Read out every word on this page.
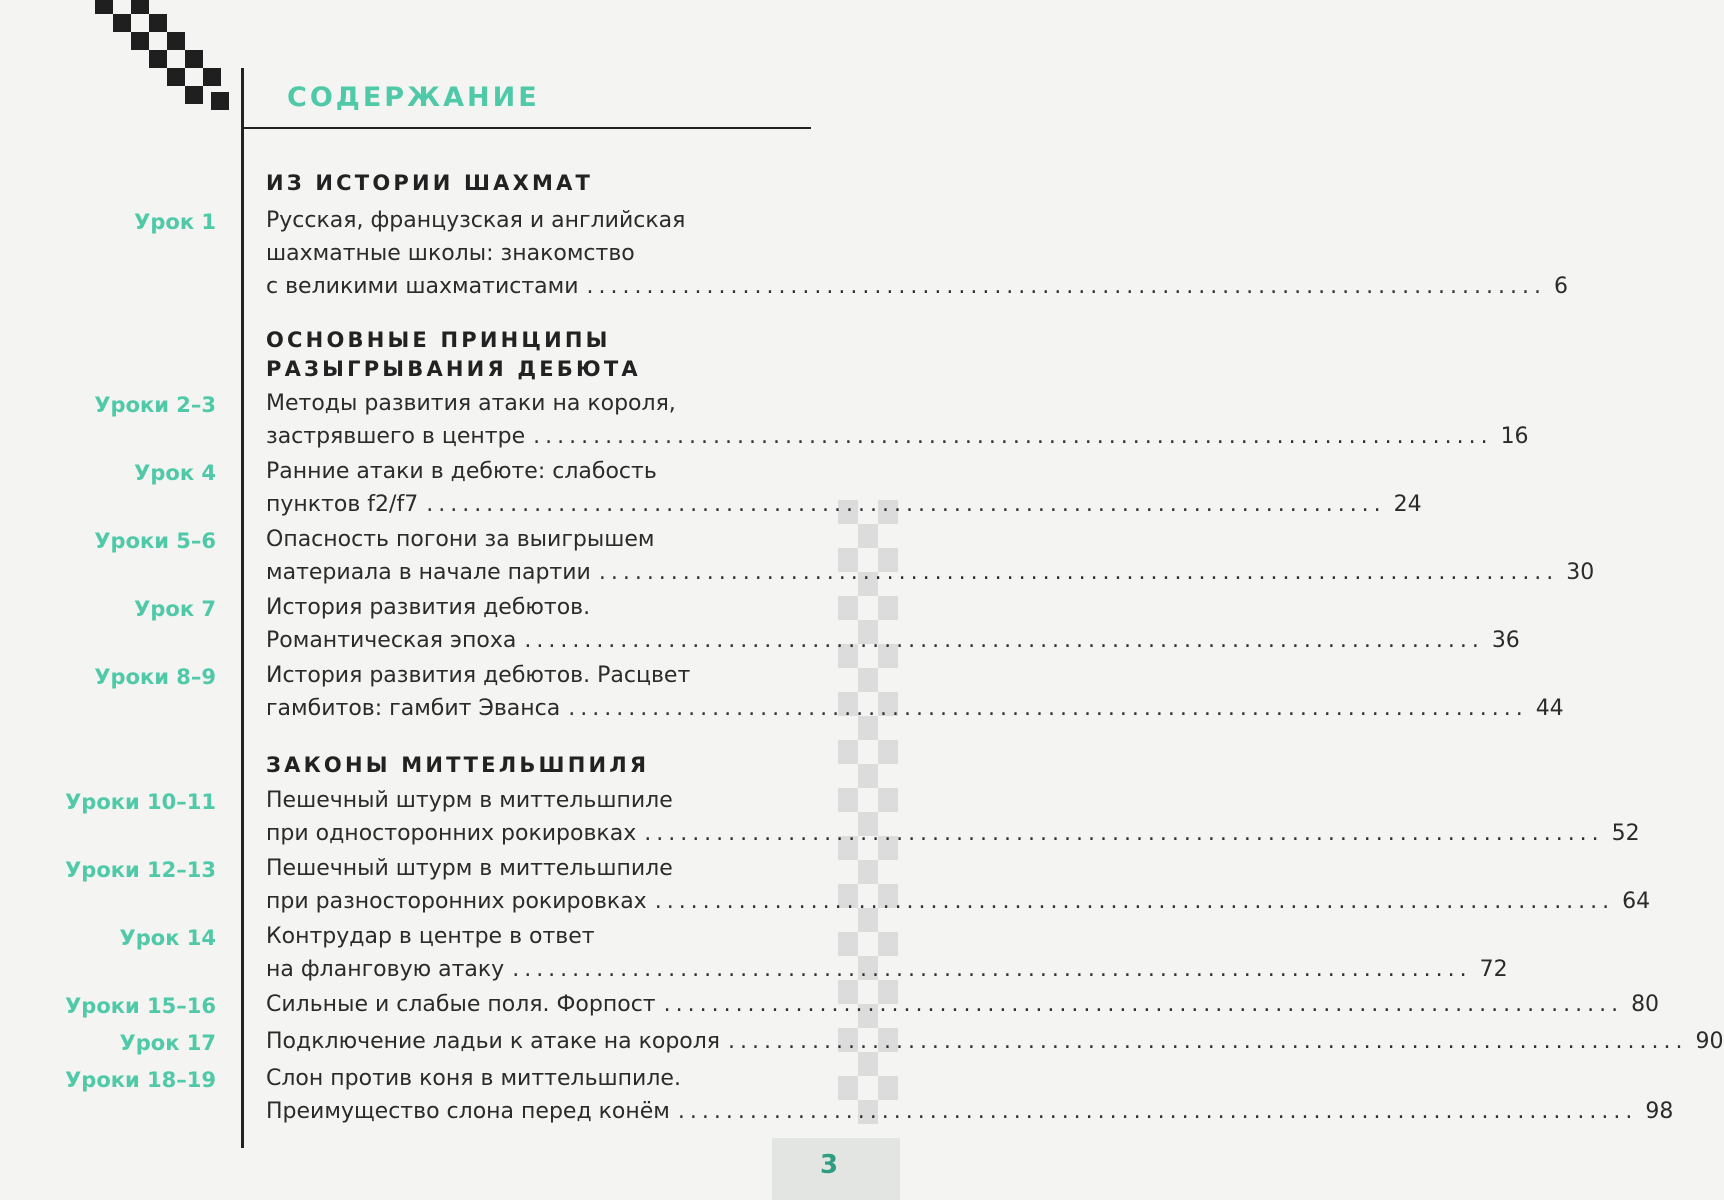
СОДЕРЖАНИЕ
ИЗ ИСТОРИИ ШАХМАТ
Урок 1 Русская, французская и английская
шахматные школы: знакомство
с великими шахматистами ................................................................................ 6
ОСНОВНЫЕ ПРИНЦИПЫ
РАЗЫГРЫВАНИЯ ДЕБЮТА
Уроки 2–3 Методы развития атаки на короля,
застрявшего в центре ................................................................................ 16
Урок 4 Ранние атаки в дебюте: слабость
пунктов f2/f7 ................................................................................ 24
Уроки 5–6 Опасность погони за выигрышем
материала в начале партии ................................................................................ 30
Урок 7 История развития дебютов.
Романтическая эпоха ................................................................................ 36
Уроки 8–9 История развития дебютов. Расцвет
гамбитов: гамбит Эванса ................................................................................ 44
ЗАКОНЫ МИТТЕЛЬШПИЛЯ
Уроки 10–11 Пешечный штурм в миттельшпиле
при односторонних рокировках ................................................................................ 52
Уроки 12–13 Пешечный штурм в миттельшпиле
при разносторонних рокировках ................................................................................ 64
Урок 14 Контрудар в центре в ответ
на фланговую атаку ................................................................................ 72
Уроки 15–16 Сильные и слабые поля. Форпост ................................................................................ 80
Урок 17 Подключение ладьи к атаке на короля ................................................................................ 90
Уроки 18–19 Слон против коня в миттельшпиле.
Преимущество слона перед конём ................................................................................ 98
3
